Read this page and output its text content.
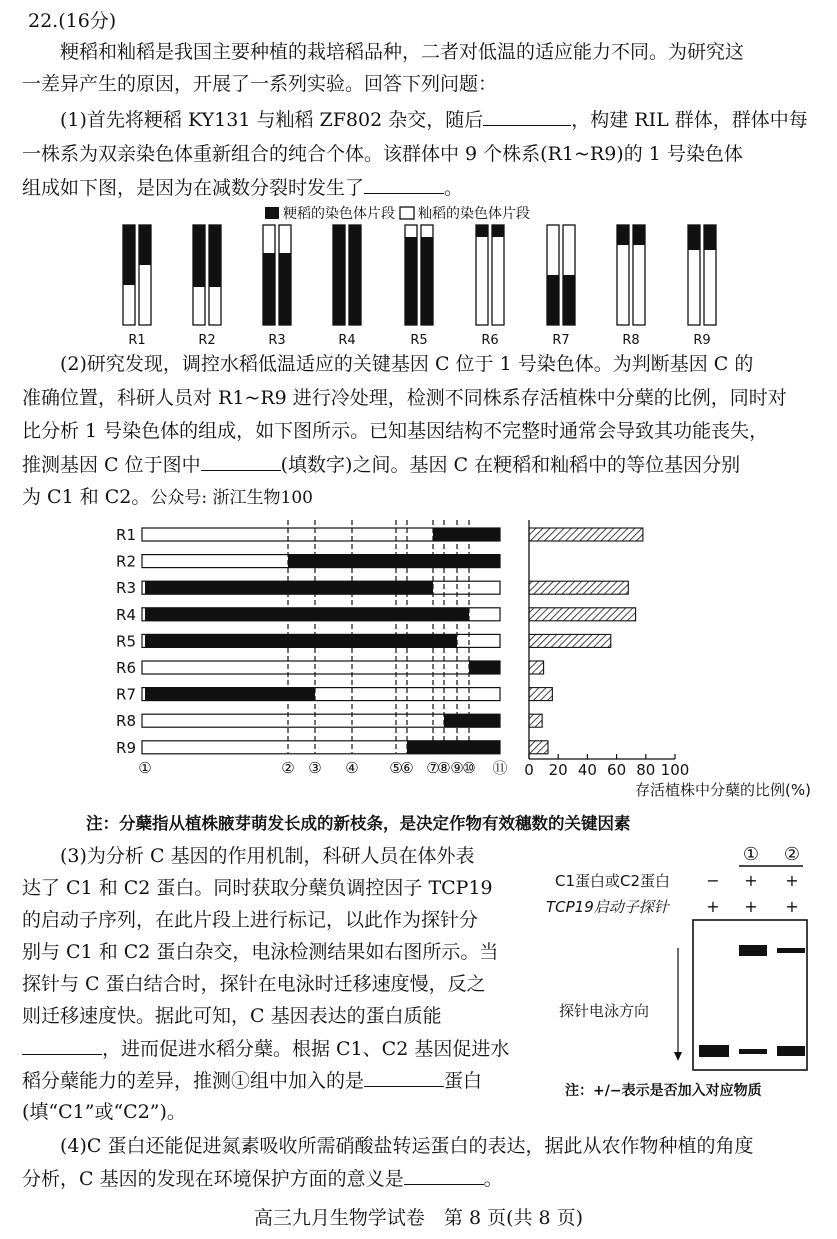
22.(16分)
粳稻和籼稻是我国主要种植的栽培稻品种，二者对低温的适应能力不同。为研究这
一差异产生的原因，开展了一系列实验。回答下列问题：
(1)首先将粳稻 KY131 与籼稻 ZF802 杂交，随后	，构建 RIL 群体，群体中每
一株系为双亲染色体重新组合的纯合个体。该群体中 9 个株系(R1~R9)的 1 号染色体
组成如下图，是因为在减数分裂时发生了	。
粳稻的染色体片段 籼稻的染色体片段
R1	R2	R3	R4	R5	R6	R7	R8	R9
(2)研究发现，调控水稻低温适应的关键基因 C 位于 1 号染色体。为判断基因 C 的
准确位置，科研人员对 R1~R9 进行冷处理，检测不同株系存活植株中分蘖的比例，同时对
比分析 1 号染色体的组成，如下图所示。已知基因结构不完整时通常会导致其功能丧失，
推测基因 C 位于图中	(填数字)之间。基因 C 在粳稻和籼稻中的等位基因分别
为 C1 和 C2。公众号: 浙江生物100
R1
R2
R3
R4
R5
R6
R7
R8
R9
①	② ③ ④ ⑤
⑥ ⑦
⑧ ⑨
⑩ ⑪ 0 20 40 60 80 100
存活植株中分蘖的比例(%)
注：分蘖指从植株腋芽萌发长成的新枝条，是决定作物有效穗数的关键因素
(3)为分析 C 基因的作用机制，科研人员在体外表
达了 C1 和 C2 蛋白。同时获取分蘖负调控因子 TCP19
的启动子序列，在此片段上进行标记，以此作为探针分
别与 C1 和 C2 蛋白杂交，电泳检测结果如右图所示。当
探针与 C 蛋白结合时，探针在电泳时迁移速度慢，反之
则迁移速度快。据此可知，C 基因表达的蛋白质能
，进而促进水稻分蘖。根据 C1、C2 基因促进水
稻分蘖能力的差异，推测①组中加入的是	蛋白
(填“C1”或“C2”)。
① ②
C1蛋白或C2蛋白 − + +
TCP19启动子探针 + + +
探针电泳方向
注：+/−表示是否加入对应物质
(4)C 蛋白还能促进氮素吸收所需硝酸盐转运蛋白的表达，据此从农作物种植的角度
分析，C 基因的发现在环境保护方面的意义是	。
高三九月生物学试卷　第 8 页(共 8 页)
